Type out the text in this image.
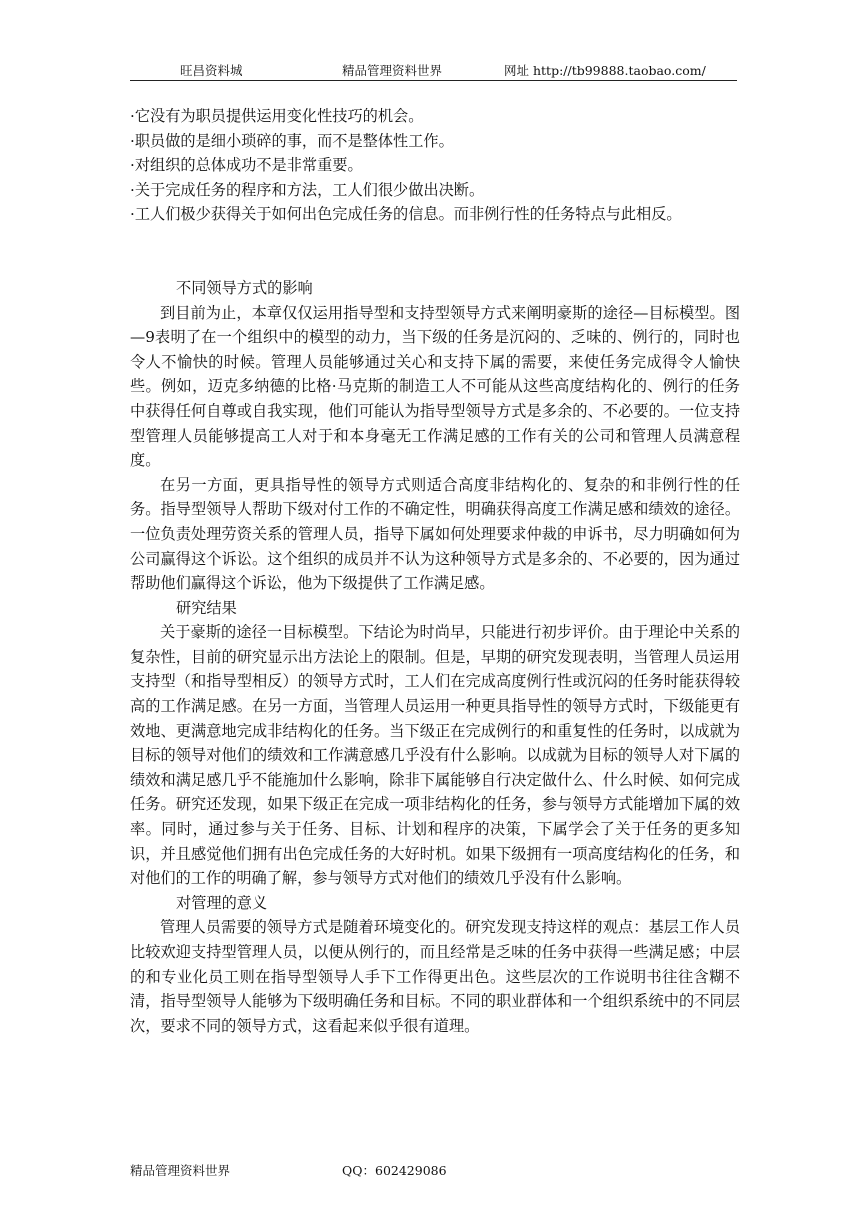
旺昌资料城	精品管理资料世界	网址 http://tb99888.taobao.com/

·它没有为职员提供运用变化性技巧的机会。

·职员做的是细小琐碎的事，而不是整体性工作。

·对组织的总体成功不是非常重要。

·关于完成任务的程序和方法，工人们很少做出决断。

·工人们极少获得关于如何出色完成任务的信息。而非例行性的任务特点与此相反。

不同领导方式的影响

到目前为止，本章仅仅运用指导型和支持型领导方式来阐明豪斯的途径—目标模型。图—9表明了在一个组织中的模型的动力，当下级的任务是沉闷的、乏味的、例行的，同时也令人不愉快的时候。管理人员能够通过关心和支持下属的需要，来使任务完成得令人愉快些。例如，迈克多纳德的比格·马克斯的制造工人不可能从这些高度结构化的、例行的任务中获得任何自尊或自我实现，他们可能认为指导型领导方式是多余的、不必要的。一位支持型管理人员能够提高工人对于和本身毫无工作满足感的工作有关的公司和管理人员满意程度。

在另一方面，更具指导性的领导方式则适合高度非结构化的、复杂的和非例行性的任务。指导型领导人帮助下级对付工作的不确定性，明确获得高度工作满足感和绩效的途径。一位负责处理劳资关系的管理人员，指导下属如何处理要求仲裁的申诉书，尽力明确如何为公司赢得这个诉讼。这个组织的成员并不认为这种领导方式是多余的、不必要的，因为通过帮助他们赢得这个诉讼，他为下级提供了工作满足感。

研究结果

关于豪斯的途径一目标模型。下结论为时尚早，只能进行初步评价。由于理论中关系的复杂性，目前的研究显示出方法论上的限制。但是，早期的研究发现表明，当管理人员运用支持型（和指导型相反）的领导方式时，工人们在完成高度例行性或沉闷的任务时能获得较高的工作满足感。在另一方面，当管理人员运用一种更具指导性的领导方式时，下级能更有效地、更满意地完成非结构化的任务。当下级正在完成例行的和重复性的任务时，以成就为目标的领导对他们的绩效和工作满意感几乎没有什么影响。以成就为目标的领导人对下属的绩效和满足感几乎不能施加什么影响，除非下属能够自行决定做什么、什么时候、如何完成任务。研究还发现，如果下级正在完成一项非结构化的任务，参与领导方式能增加下属的效率。同时，通过参与关于任务、目标、计划和程序的决策，下属学会了关于任务的更多知识，并且感觉他们拥有出色完成任务的大好时机。如果下级拥有一项高度结构化的任务，和对他们的工作的明确了解，参与领导方式对他们的绩效几乎没有什么影响。

对管理的意义

管理人员需要的领导方式是随着环境变化的。研究发现支持这样的观点：基层工作人员比较欢迎支持型管理人员，以便从例行的，而且经常是乏味的任务中获得一些满足感；中层的和专业化员工则在指导型领导人手下工作得更出色。这些层次的工作说明书往往含糊不清，指导型领导人能够为下级明确任务和目标。不同的职业群体和一个组织系统中的不同层次，要求不同的领导方式，这看起来似乎很有道理。

精品管理资料世界	QQ：602429086
